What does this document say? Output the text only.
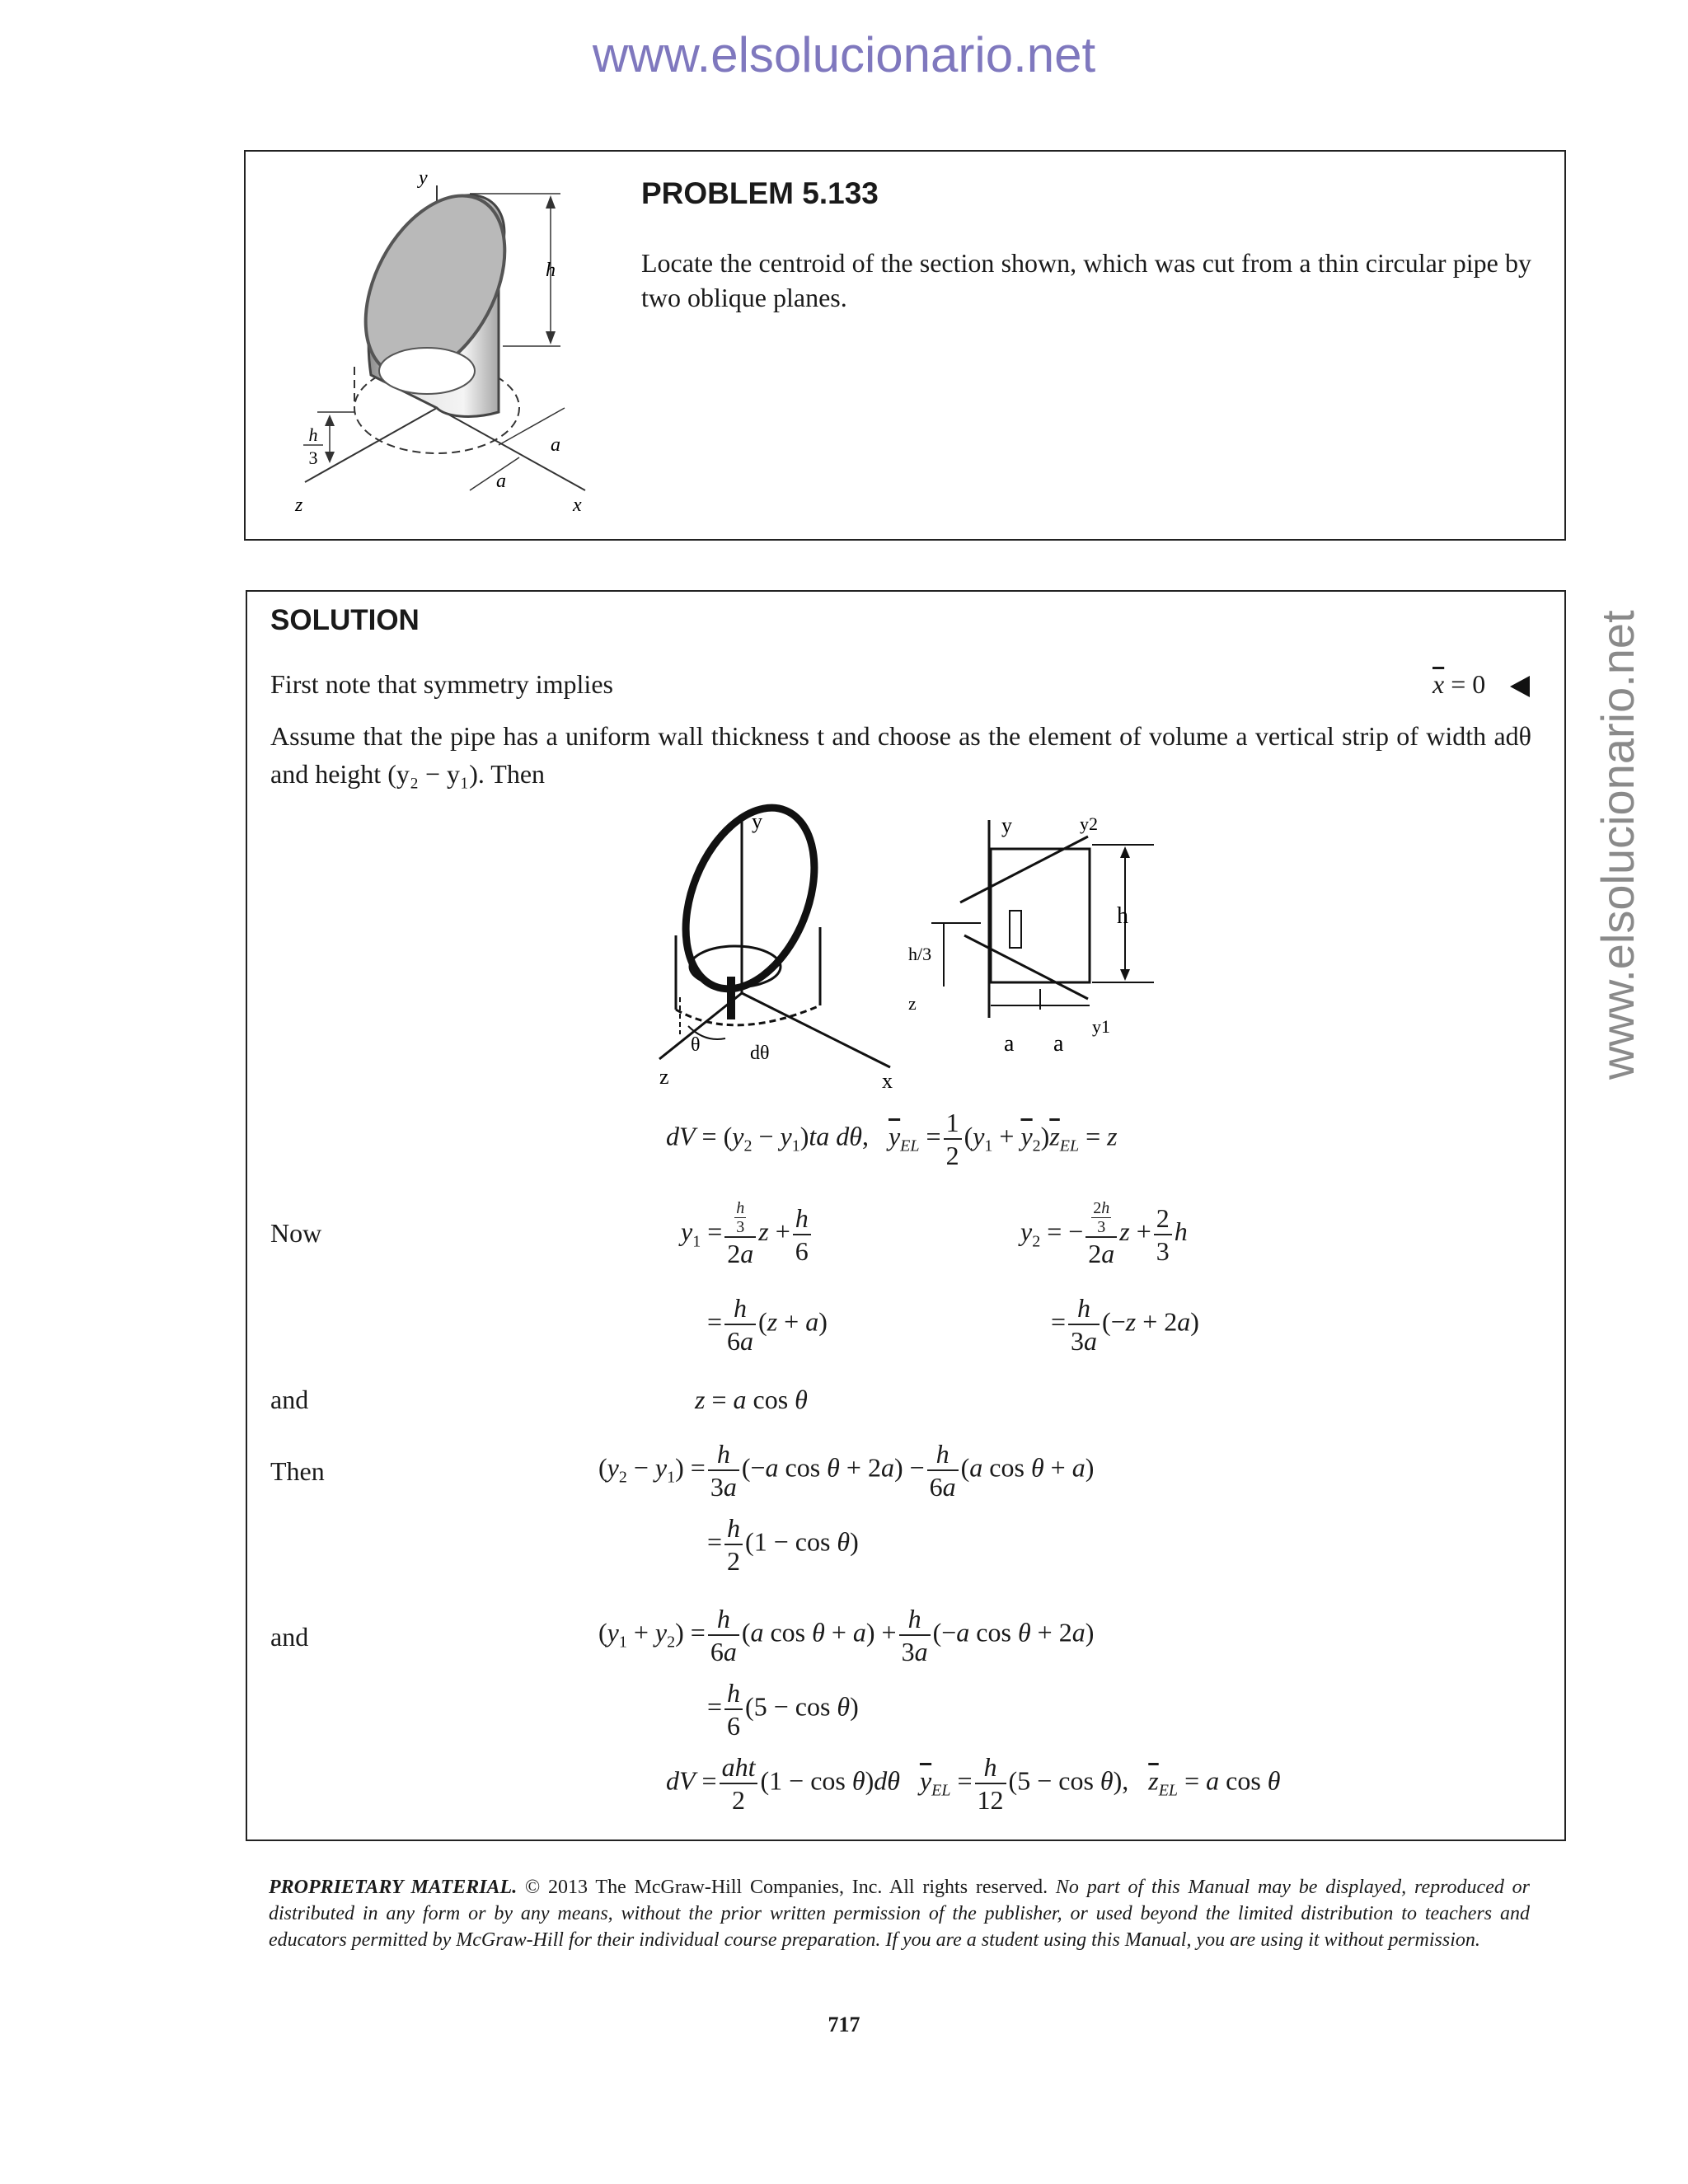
www.elsolucionario.net
www.elsolucionario.net
h
y
h
3
a
a
z	x
PROBLEM 5.133
Locate the centroid of the section shown, which was cut from a thin circular pipe by two oblique planes.
SOLUTION
First note that symmetry implies	$\overline{x} = 0$
Assume that the pipe has a uniform wall thickness t and choose as the element of volume a vertical strip of width adθ and height (y₂ − y₁). Then
y
θ	dθ
z	x
y
h
y2
y1
h/3
z
a a
dV = $(y_2 - y_1)ta$ dθ,   $\overline{y}_{EL} = \frac{1}{2} (y_1 + \overline{y}_2)\overline{z}_{EL} = z$
Now	$y_1 = \frac{\frac{h}{3}}{2a}$ $z + \frac{h}{6}$	$y_2$ = − $\frac{\frac{2h}{3}}{2a}$ $z + \frac{2}{3}$ h
= $\frac{h}{6a} (z + a)$	= $\frac{h}{3a} (-z + 2a)$
and	z = a cos θ
Then	$(y_2 - y_1) = \frac{h}{3a} (-a$ $\cos \theta + 2a) - \frac{h}{6a} (a$ cos θ + a)
= $\frac{h}{2} (1 - \cos \theta)$
and	$(y_1 + y_2) = \frac{h}{6a} (a$ $\cos \theta + a) + \frac{h}{3a} (-a$ cos θ + 2a)
= $\frac{h}{6} (5 - \cos \theta)$
dV = $\frac{\text{aht}}{2} (1 - \cos \theta)d\theta$ $\overline{y}_{EL} = \frac{h}{12} (5 - \cos \theta)$,   $\overline{z}_{EL} = a$ cos θ
PROPRIETARY MATERIAL. © 2013 The McGraw-Hill Companies, Inc. All rights reserved. No part of this Manual may be displayed, reproduced or distributed in any form or by any means, without the prior written permission of the publisher, or used beyond the limited distribution to teachers and educators permitted by McGraw-Hill for their individual course preparation. If you are a student using this Manual, you are using it without permission.
717
